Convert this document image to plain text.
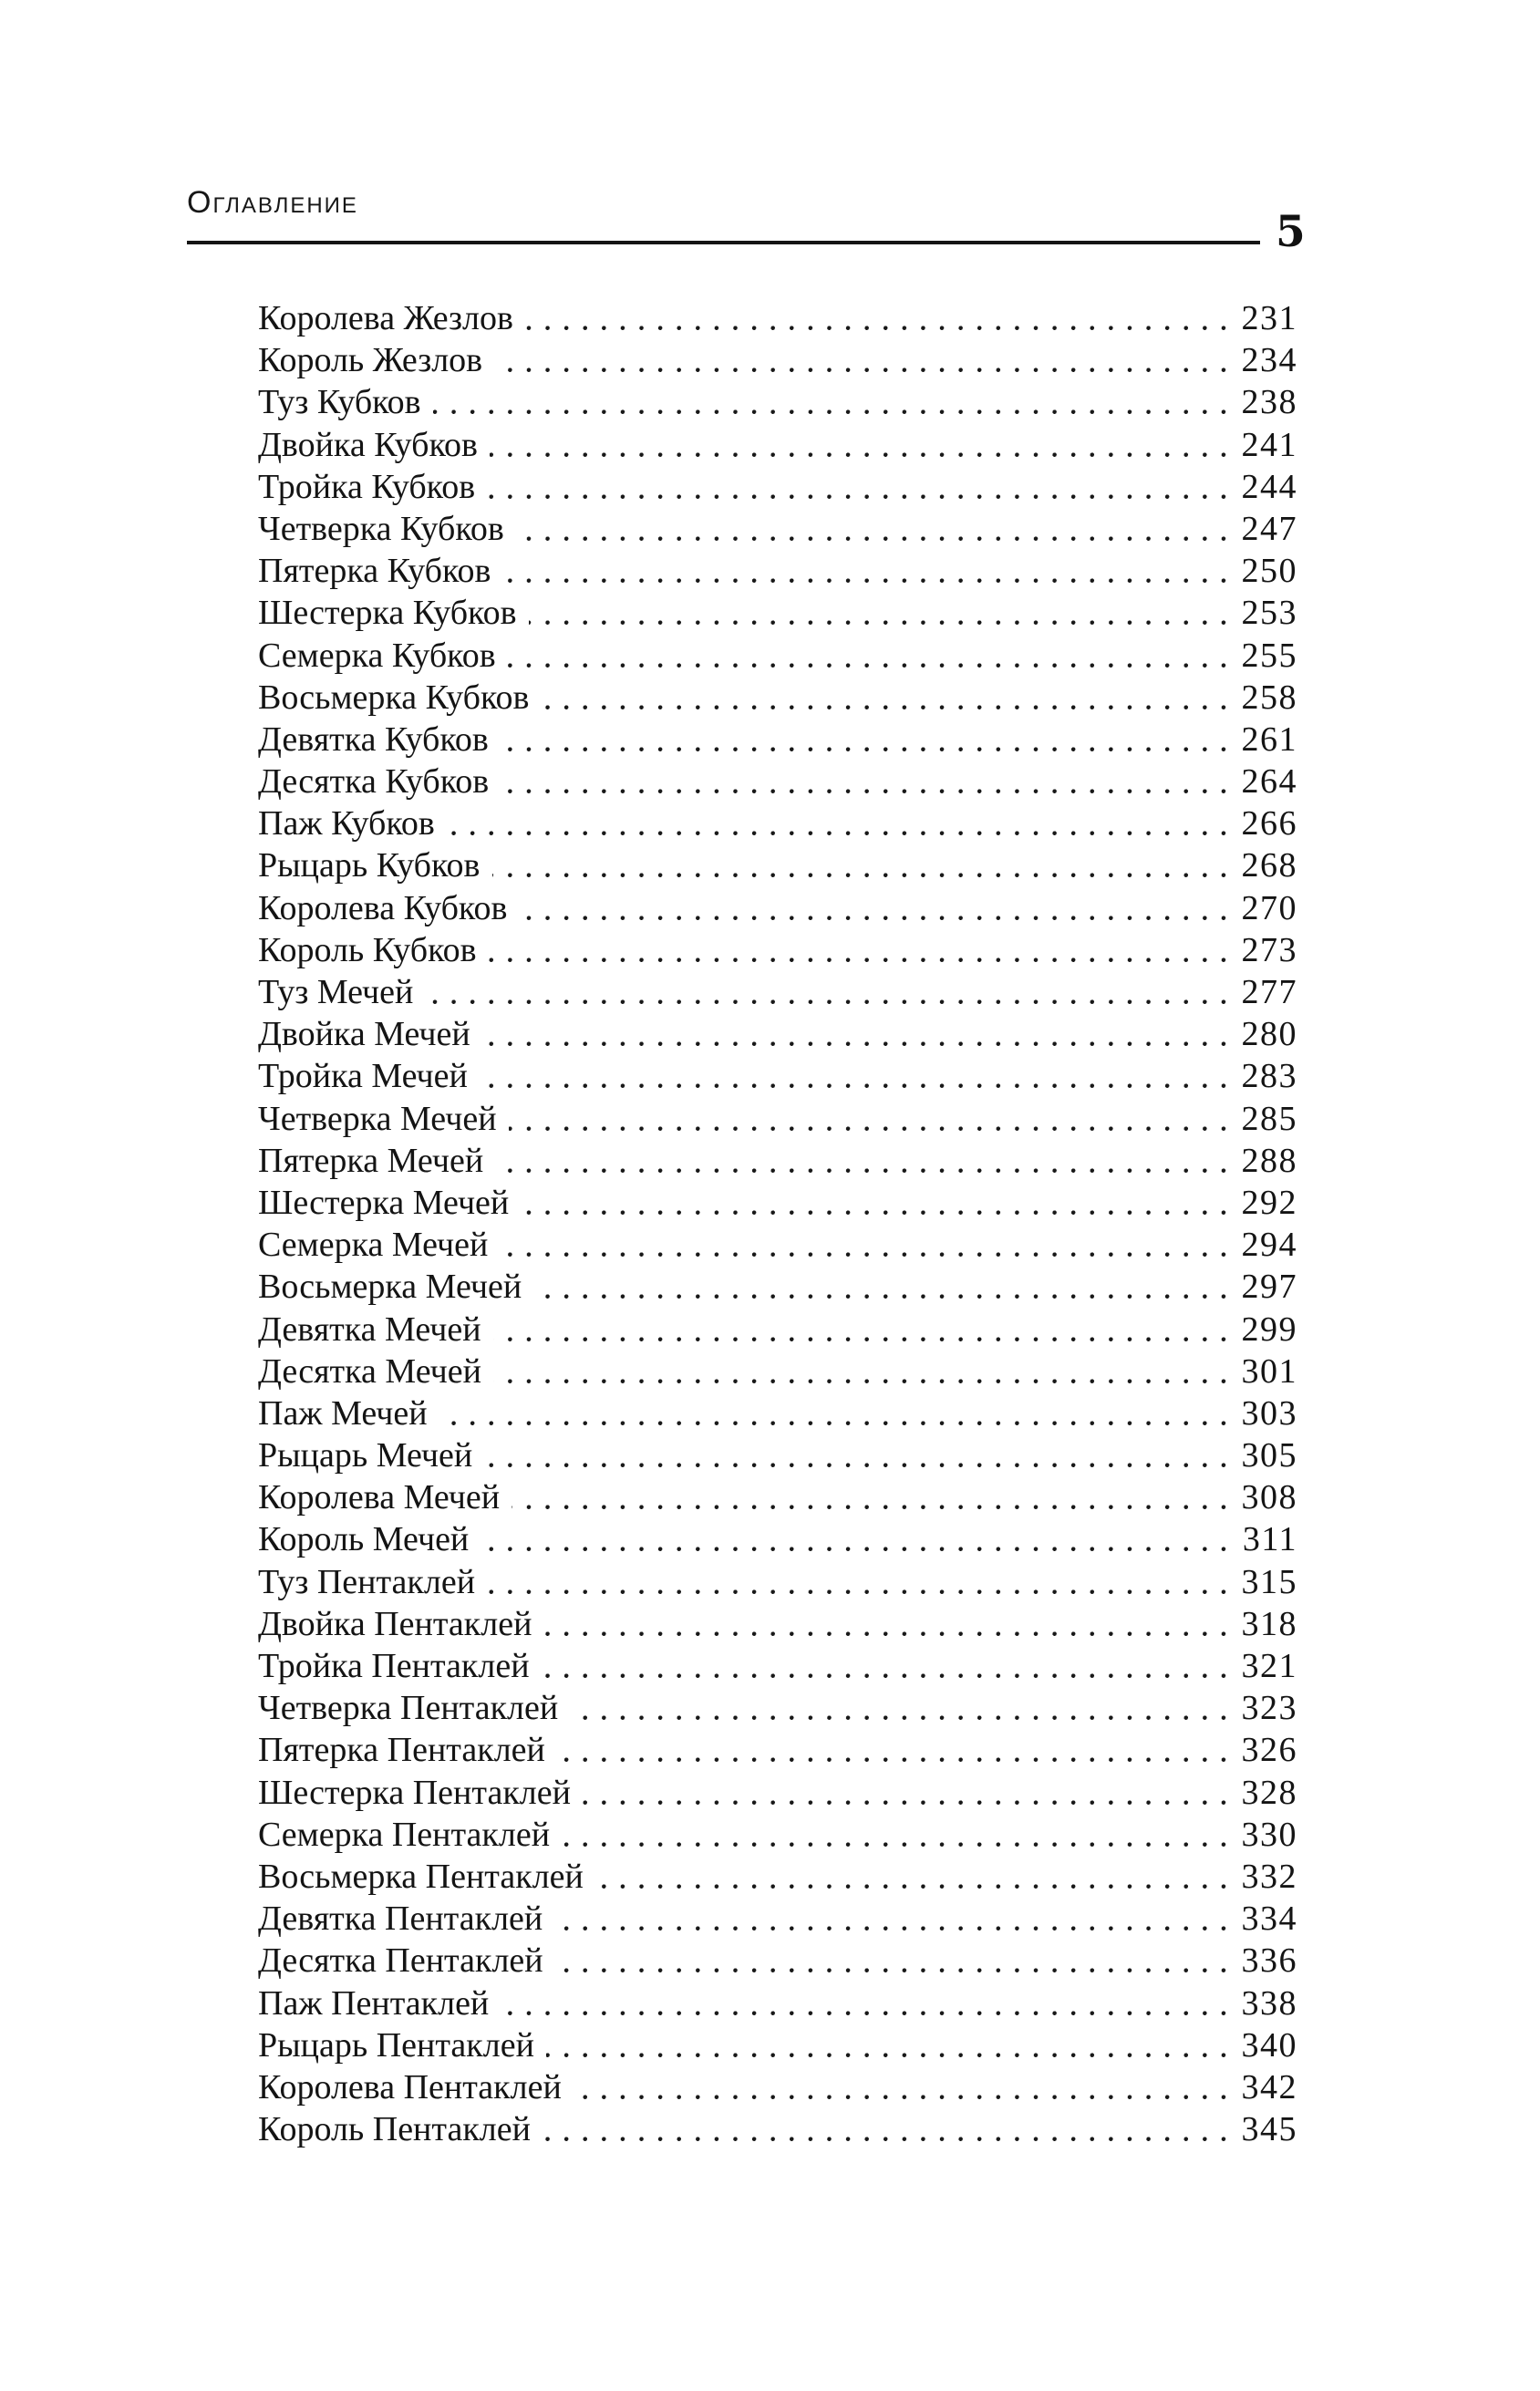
Оглавление
5
Королева Жезлов	231
Король Жезлов	234
Туз Кубков	238
Двойка Кубков	241
Тройка Кубков	244
Четверка Кубков	247
Пятерка Кубков	250
Шестерка Кубков	253
Семерка Кубков	255
Восьмерка Кубков	258
Девятка Кубков	261
Десятка Кубков	264
Паж Кубков	266
Рыцарь Кубков	268
Королева Кубков	270
Король Кубков	273
Туз Мечей	277
Двойка Мечей	280
Тройка Мечей	283
Четверка Мечей	285
Пятерка Мечей	288
Шестерка Мечей	292
Семерка Мечей	294
Восьмерка Мечей	297
Девятка Мечей	299
Десятка Мечей	301
Паж Мечей	303
Рыцарь Мечей	305
Королева Мечей	308
Король Мечей	311
Туз Пентаклей	315
Двойка Пентаклей	318
Тройка Пентаклей	321
Четверка Пентаклей	323
Пятерка Пентаклей	326
Шестерка Пентаклей	328
Семерка Пентаклей	330
Восьмерка Пентаклей	332
Девятка Пентаклей	334
Десятка Пентаклей	336
Паж Пентаклей	338
Рыцарь Пентаклей	340
Королева Пентаклей	342
Король Пентаклей	345
